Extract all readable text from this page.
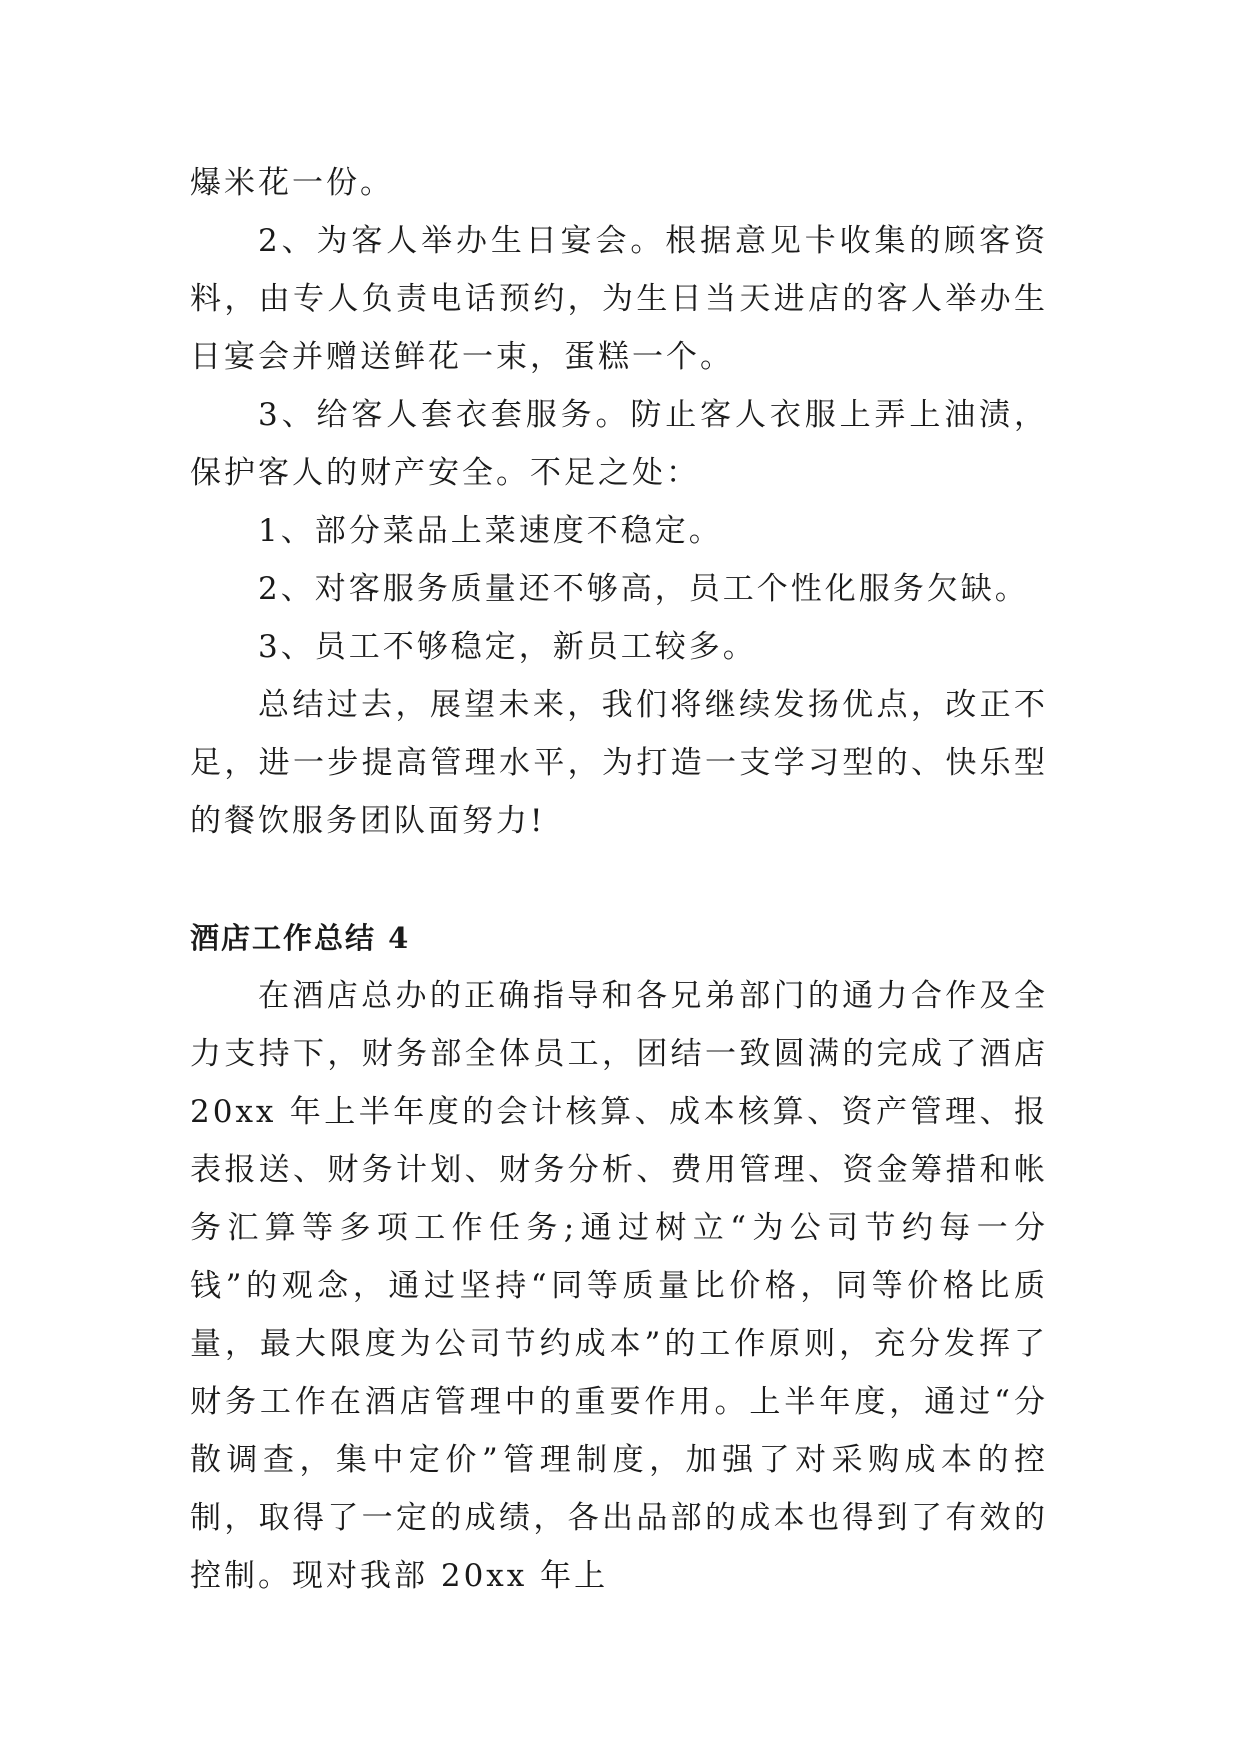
爆米花一份。

2、为客人举办生日宴会。根据意见卡收集的顾客资料，由专人负责电话预约，为生日当天进店的客人举办生日宴会并赠送鲜花一束，蛋糕一个。

3、给客人套衣套服务。防止客人衣服上弄上油渍，保护客人的财产安全。不足之处：

1、部分菜品上菜速度不稳定。

2、对客服务质量还不够高，员工个性化服务欠缺。

3、员工不够稳定，新员工较多。

总结过去，展望未来，我们将继续发扬优点，改正不足，进一步提高管理水平，为打造一支学习型的、快乐型的餐饮服务团队面努力!

酒店工作总结 4

在酒店总办的正确指导和各兄弟部门的通力合作及全力支持下，财务部全体员工，团结一致圆满的完成了酒店20xx 年上半年度的会计核算、成本核算、资产管理、报表报送、财务计划、财务分析、费用管理、资金筹措和帐务汇算等多项工作任务;通过树立“为公司节约每一分钱”的观念，通过坚持“同等质量比价格，同等价格比质量，最大限度为公司节约成本”的工作原则，充分发挥了财务工作在酒店管理中的重要作用。上半年度，通过“分散调查，集中定价”管理制度，加强了对采购成本的控制，取得了一定的成绩，各出品部的成本也得到了有效的控制。现对我部 20xx 年上
